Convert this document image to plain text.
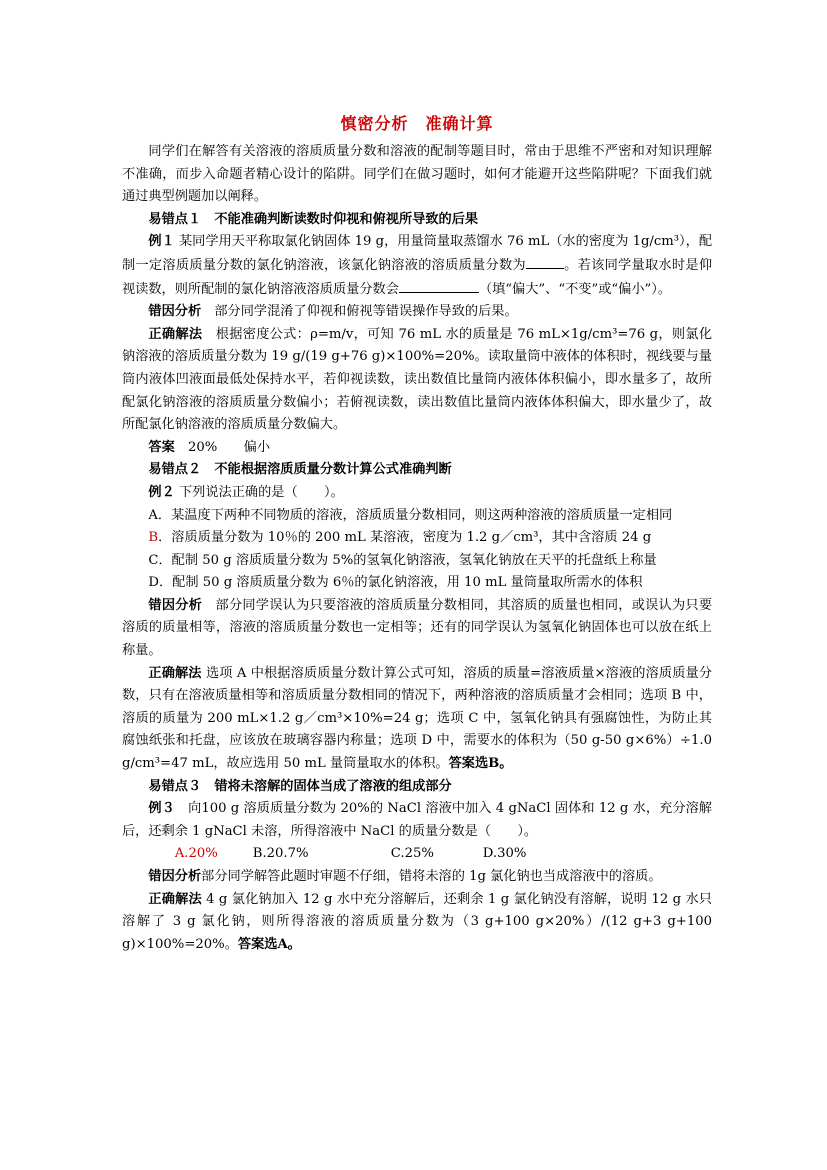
慎密分析　准确计算

同学们在解答有关溶液的溶质质量分数和溶液的配制等题目时，常由于思维不严密和对知识理解不准确，而步入命题者精心设计的陷阱。同学们在做习题时，如何才能避开这些陷阱呢？下面我们就通过典型例题加以阐释。

易错点１　不能准确判断读数时仰视和俯视所导致的后果

例１ 某同学用天平称取氯化钠固体 19 g，用量筒量取蒸馏水 76 mL（水的密度为 1g/cm³），配制一定溶质质量分数的氯化钠溶液，该氯化钠溶液的溶质质量分数为	。若该同学量取水时是仰视读数，则所配制的氯化钠溶液溶质质量分数会	（填“偏大”、“不变”或“偏小”）。

错因分析　 部分同学混淆了仰视和俯视等错误操作导致的后果。

正确解法　 根据密度公式：ρ=m/v，可知 76 mL 水的质量是 76 mL×1g/cm³=76 g，则氯化钠溶液的溶质质量分数为 19 g/(19 g+76 g)×100%=20%。读取量筒中液体的体积时，视线要与量筒内液体凹液面最低处保持水平，若仰视读数，读出数值比量筒内液体体积偏小，即水量多了，故所配氯化钠溶液的溶质质量分数偏小；若俯视读数，读出数值比量筒内液体体积偏大，即水量少了，故所配氯化钠溶液的溶质质量分数偏大。

答案　 20%　　偏小

易错点２　不能根据溶质质量分数计算公式准确判断

例２ 下列说法正确的是（　　）。

A．某温度下两种不同物质的溶液，溶质质量分数相同，则这两种溶液的溶质质量一定相同

B．溶质质量分数为 10％的 200 mL 某溶液，密度为 1.2 g／cm³，其中含溶质 24 g

C．配制 50 g 溶质质量分数为 5%的氢氧化钠溶液，氢氧化钠放在天平的托盘纸上称量

D．配制 50 g 溶质质量分数为 6％的氯化钠溶液，用 10 mL 量筒量取所需水的体积

错因分析　 部分同学误认为只要溶液的溶质质量分数相同，其溶质的质量也相同，或误认为只要溶质的质量相等，溶液的溶质质量分数也一定相等；还有的同学误认为氢氧化钠固体也可以放在纸上称量。

正确解法 选项 A 中根据溶质质量分数计算公式可知，溶质的质量=溶液质量×溶液的溶质质量分数，只有在溶液质量相等和溶质质量分数相同的情况下，两种溶液的溶质质量才会相同；选项 B 中，溶质的质量为 200 mL×1.2 g／cm³×10%=24 g；选项 C 中，氢氧化钠具有强腐蚀性，为防止其腐蚀纸张和托盘，应该放在玻璃容器内称量；选项 D 中，需要水的体积为（50 g-50 g×6%）÷1.0 g/cm³=47 mL，故应选用 50 mL 量筒量取水的体积。答案选B。

易错点３　错将未溶解的固体当成了溶液的组成部分

例３　 向100 g 溶质质量分数为 20%的 NaCl 溶液中加入 4 gNaCl 固体和 12 g 水，充分溶解后，还剩余 1 gNaCl 未溶，所得溶液中 NaCl 的质量分数是（　　）。

A.20%	B.20.7%	C.25%	D.30%

错因分析部分同学解答此题时审题不仔细，错将未溶的 1g 氯化钠也当成溶液中的溶质。

正确解法 4 g 氯化钠加入 12 g 水中充分溶解后，还剩余 1 g 氯化钠没有溶解，说明 12 g 水只溶解了 3 g 氯化钠，则所得溶液的溶质质量分数为（3 g+100 g×20%）/(12 g+3 g+100 g)×100%=20%。答案选A。
